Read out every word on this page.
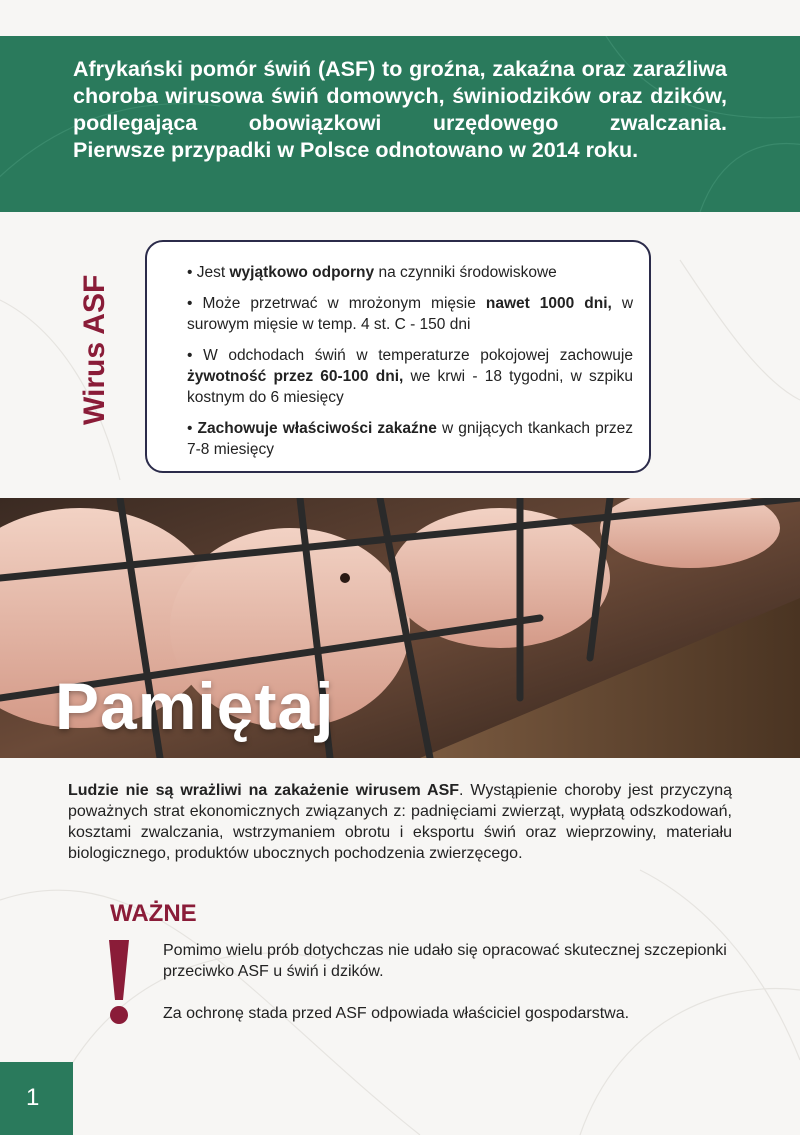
Afrykański pomór świń (ASF) to groźna, zakaźna oraz zaraźliwa choroba wirusowa świń domowych, świniodzików oraz dzików, podlegająca obowiązkowi urzędowego zwalczania.
Pierwsze przypadki w Polsce odnotowano w 2014 roku.
Wirus ASF

• Jest wyjątkowo odporny na czynniki środowiskowe

• Może przetrwać w mrożonym mięsie nawet 1000 dni, w surowym mięsie w temp. 4 st. C - 150 dni

• W odchodach świń w temperaturze pokojowej zachowuje żywotność przez 60-100 dni, we krwi - 18 tygodni, w szpiku kostnym do 6 miesięcy

• Zachowuje właściwości zakaźne w gnijących tkankach przez 7-8 miesięcy

Pamiętaj
Ludzie nie są wrażliwi na zakażenie wirusem ASF. Wystąpienie choroby jest przyczyną poważnych strat ekonomicznych związanych z: padnięciami zwierząt, wypłatą odszkodowań, kosztami zwalczania, wstrzymaniem obrotu i eksportu świń oraz wieprzowiny, materiału biologicznego, produktów ubocznych pochodzenia zwierzęcego.
WAŻNE

Pomimo wielu prób dotychczas nie udało się opracować skutecznej szczepionki przeciwko ASF u świń i dzików.

Za ochronę stada przed ASF odpowiada właściciel gospodarstwa.

1
